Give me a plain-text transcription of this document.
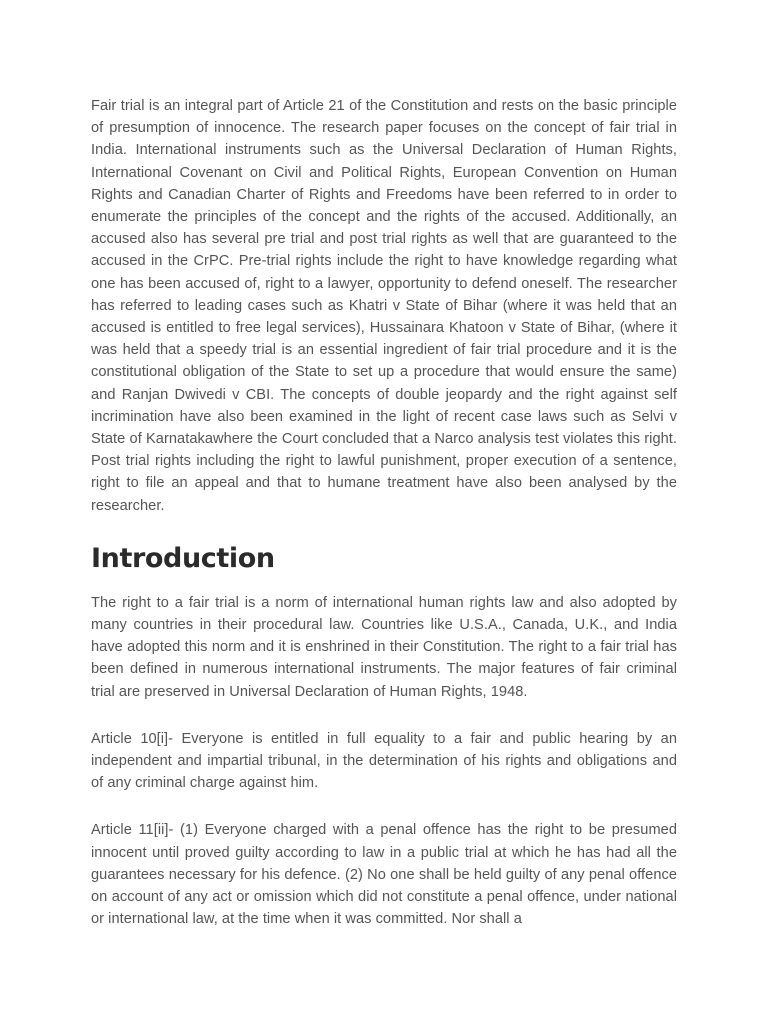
Fair trial is an integral part of Article 21 of the Constitution and rests on the basic principle of presumption of innocence. The research paper focuses on the concept of fair trial in India. International instruments such as the Universal Declaration of Human Rights, International Covenant on Civil and Political Rights, European Convention on Human Rights and Canadian Charter of Rights and Freedoms have been referred to in order to enumerate the principles of the concept and the rights of the accused. Additionally, an accused also has several pre trial and post trial rights as well that are guaranteed to the accused in the CrPC. Pre-trial rights include the right to have knowledge regarding what one has been accused of, right to a lawyer, opportunity to defend oneself. The researcher has referred to leading cases such as Khatri v State of Bihar (where it was held that an accused is entitled to free legal services), Hussainara Khatoon v State of Bihar, (where it was held that a speedy trial is an essential ingredient of fair trial procedure and it is the constitutional obligation of the State to set up a procedure that would ensure the same) and Ranjan Dwivedi v CBI. The concepts of double jeopardy and the right against self incrimination have also been examined in the light of recent case laws such as Selvi v State of Karnatakawhere the Court concluded that a Narco analysis test violates this right. Post trial rights including the right to lawful punishment, proper execution of a sentence, right to file an appeal and that to humane treatment have also been analysed by the researcher.

Introduction

The right to a fair trial is a norm of international human rights law and also adopted by many countries in their procedural law. Countries like U.S.A., Canada, U.K., and India have adopted this norm and it is enshrined in their Constitution. The right to a fair trial has been defined in numerous international instruments. The major features of fair criminal trial are preserved in Universal Declaration of Human Rights, 1948.

Article 10[i]- Everyone is entitled in full equality to a fair and public hearing by an independent and impartial tribunal, in the determination of his rights and obligations and of any criminal charge against him.

Article 11[ii]- (1) Everyone charged with a penal offence has the right to be presumed innocent until proved guilty according to law in a public trial at which he has had all the guarantees necessary for his defence. (2) No one shall be held guilty of any penal offence on account of any act or omission which did not constitute a penal offence, under national or international law, at the time when it was committed. Nor shall a
